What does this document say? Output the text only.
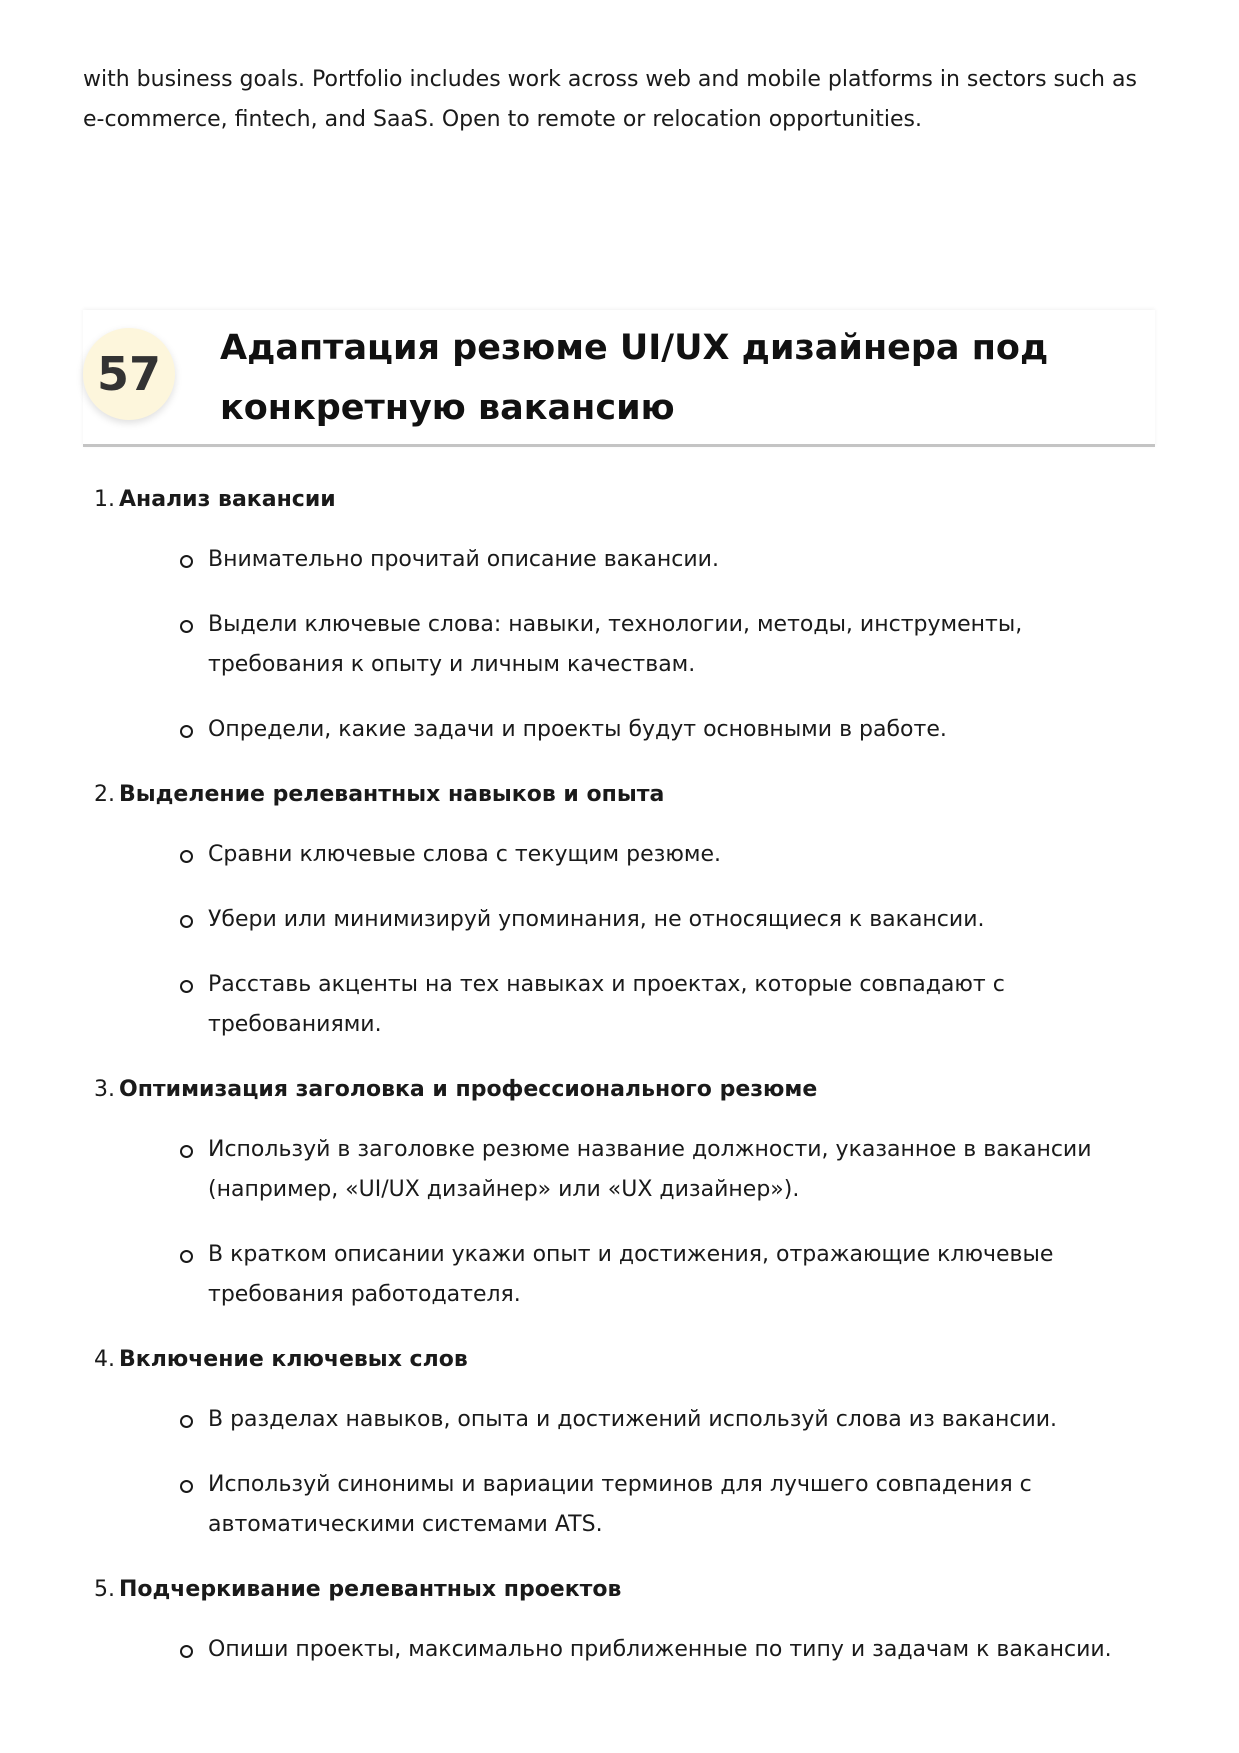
with business goals. Portfolio includes work across web and mobile platforms in sectors such as e-commerce, fintech, and SaaS. Open to remote or relocation opportunities.

57	Адаптация резюме UI/UX дизайнера под конкретную вакансию
1. Анализ вакансии
Внимательно прочитай описание вакансии.
Выдели ключевые слова: навыки, технологии, методы, инструменты, требования к опыту и личным качествам.
Определи, какие задачи и проекты будут основными в работе.
2. Выделение релевантных навыков и опыта
Сравни ключевые слова с текущим резюме.
Убери или минимизируй упоминания, не относящиеся к вакансии.
Расставь акценты на тех навыках и проектах, которые совпадают с требованиями.
3. Оптимизация заголовка и профессионального резюме
Используй в заголовке резюме название должности, указанное в вакансии (например, «UI/UX дизайнер» или «UX дизайнер»).
В кратком описании укажи опыт и достижения, отражающие ключевые требования работодателя.
4. Включение ключевых слов
В разделах навыков, опыта и достижений используй слова из вакансии.
Используй синонимы и вариации терминов для лучшего совпадения с автоматическими системами ATS.
5. Подчеркивание релевантных проектов
Опиши проекты, максимально приближенные по типу и задачам к вакансии.
